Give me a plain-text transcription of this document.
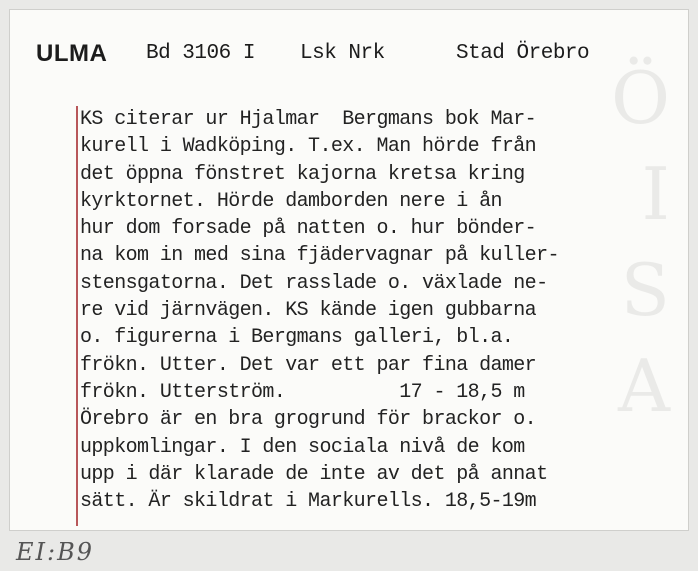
Ö
I
S
A
ULMA Bd 3106 I Lsk Nrk	Stad Örebro
KS citerar ur Hjalmar  Bergmans bok Mar-
kurell i Wadköping. T.ex. Man hörde från
det öppna fönstret kajorna kretsa kring
kyrktornet. Hörde damborden nere i ån
hur dom forsade på natten o. hur bönder-
na kom in med sina fjädervagnar på kuller-
stensgatorna. Det rasslade o. växlade ne-
re vid järnvägen. KS kände igen gubbarna
o. figurerna i Bergmans galleri, bl.a.
frökn. Utter. Det var ett par fina damer
frökn. Utterström.          17 - 18,5 m
Örebro är en bra grogrund för brackor o.
uppkomlingar. I den sociala nivå de kom
upp i där klarade de inte av det på annat
sätt. Är skildrat i Markurells. 18,5-19m
EI:B9
